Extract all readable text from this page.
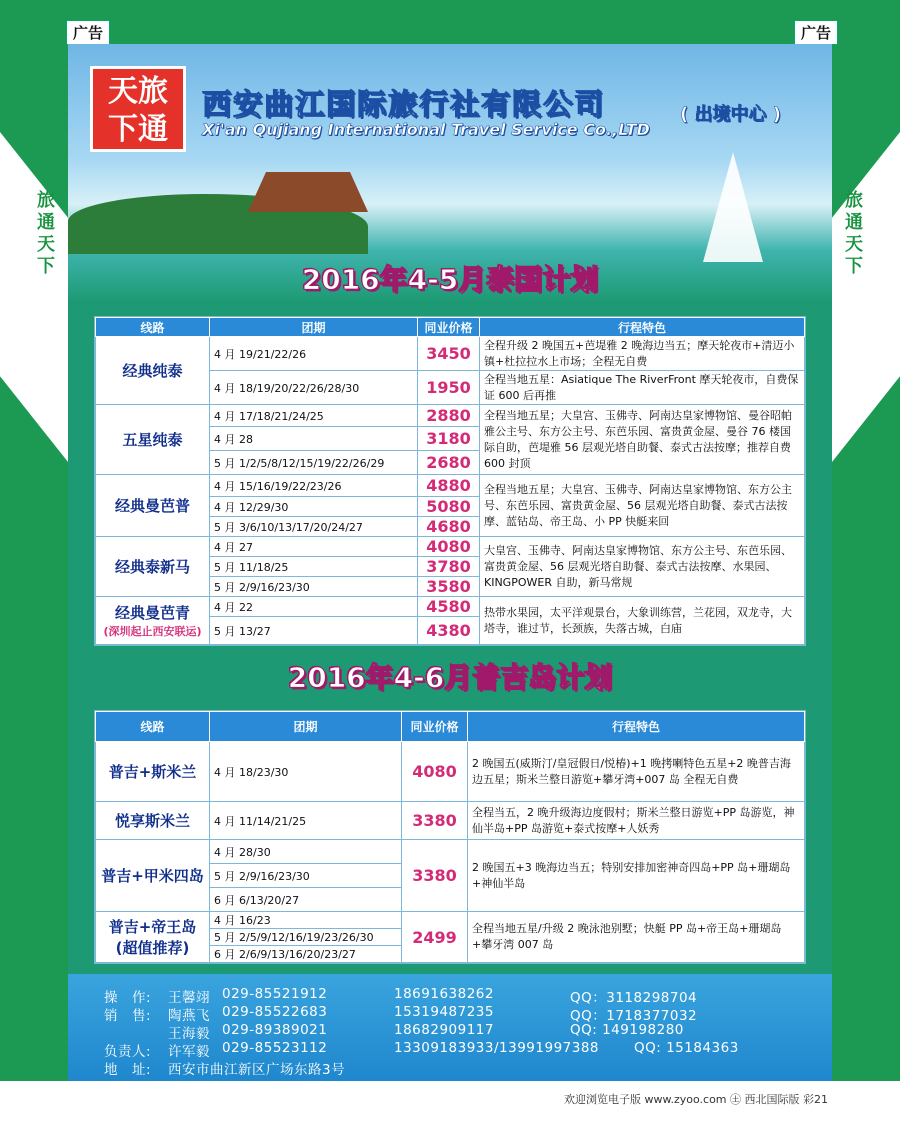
广告	广告
旅
通
天
下
旅
通
天
下
天旅
下通
西安曲江国际旅行社有限公司
Xi'an Qujiang International Travel Service Co.,LTD
( 出境中心 )
2016年4-5月泰国计划
线路	团期	同业价格	行程特色
经典纯泰	4 月 19/21/22/26	3450	全程升级 2 晚国五+芭堤雅 2 晚海边当五；摩天轮夜市+清迈小镇+杜拉拉水上市场；全程无自费
	4 月 18/19/20/22/26/28/30	1950	全程当地五星：Asiatique The RiverFront 摩天轮夜市，自费保证 600 后再推
五星纯泰	4 月 17/18/21/24/25	2880	全程当地五星；大皇宫、玉佛寺、阿南达皇家博物馆、曼谷昭帕雅公主号、东方公主号、东芭乐园、富贵黄金屋、曼谷 76 楼国际自助，芭堤雅 56 层观光塔自助餐、泰式古法按摩；推荐自费 600 封顶
	4 月 28	3180	
	5 月 1/2/5/8/12/15/19/22/26/29	2680	
经典曼芭普	4 月 15/16/19/22/23/26	4880	全程当地五星；大皇宫、玉佛寺、阿南达皇家博物馆、东方公主号、东芭乐园、富贵黄金屋、56 层观光塔自助餐、泰式古法按摩、蓝钻岛、帝王岛、小 PP 快艇来回
	4 月 12/29/30	5080	
	5 月 3/6/10/13/17/20/24/27	4680	
经典泰新马	4 月 27	4080	大皇宫、玉佛寺、阿南达皇家博物馆、东方公主号、东芭乐园、富贵黄金屋、56 层观光塔自助餐、泰式古法按摩、水果园、KINGPOWER 自助，新马常规
	5 月 11/18/25	3780	
	5 月 2/9/16/23/30	3580	
经典曼芭青
(深圳起止西安联运)	4 月 22	4580	热带水果园，太平洋观景台，大象训练营，兰花园，双龙寺，大塔寺，谁过节，长颈族，失落古城，白庙
	5 月 13/27	4380	
2016年4-6月普吉岛计划
线路	团期	同业价格	行程特色
普吉+斯米兰	4 月 18/23/30	4080	2 晚国五(威斯汀/皇冠假日/悦椿)+1 晚拷喇特色五星+2 晚普吉海边五星；斯米兰整日游览+攀牙湾+007 岛 全程无自费
悦享斯米兰	4 月 11/14/21/25	3380	全程当五，2 晚升级海边度假村；斯米兰整日游览+PP 岛游览，神仙半岛+PP 岛游览+泰式按摩+人妖秀
普吉+甲米四岛	4 月 28/30	3380	2 晚国五+3 晚海边当五；特别安排加密神奇四岛+PP 岛+珊瑚岛+神仙半岛
	5 月 2/9/16/23/30		
	6 月 6/13/20/27		
普吉+帝王岛
(超值推荐)	4 月 16/23	2499	全程当地五星/升级 2 晚泳池别墅；快艇 PP 岛+帝王岛+珊瑚岛+攀牙湾 007 岛
	5 月 2/5/9/12/16/19/23/26/30		
	6 月 2/6/9/13/16/20/23/27		
操　作: 王馨翊 029-85521912	18691638262	QQ：3118298704
销　售: 陶燕飞 029-85522683	15319487235	QQ：1718377032
王海毅 029-89389021	18682909117	QQ: 149198280
负责人: 许军毅 029-85523112	13309183933/13991997388	QQ: 15184363
地　址: 西安市曲江新区广场东路3号
欢迎浏览电子版 www.zyoo.com ㊏ 西北国际版 彩21
